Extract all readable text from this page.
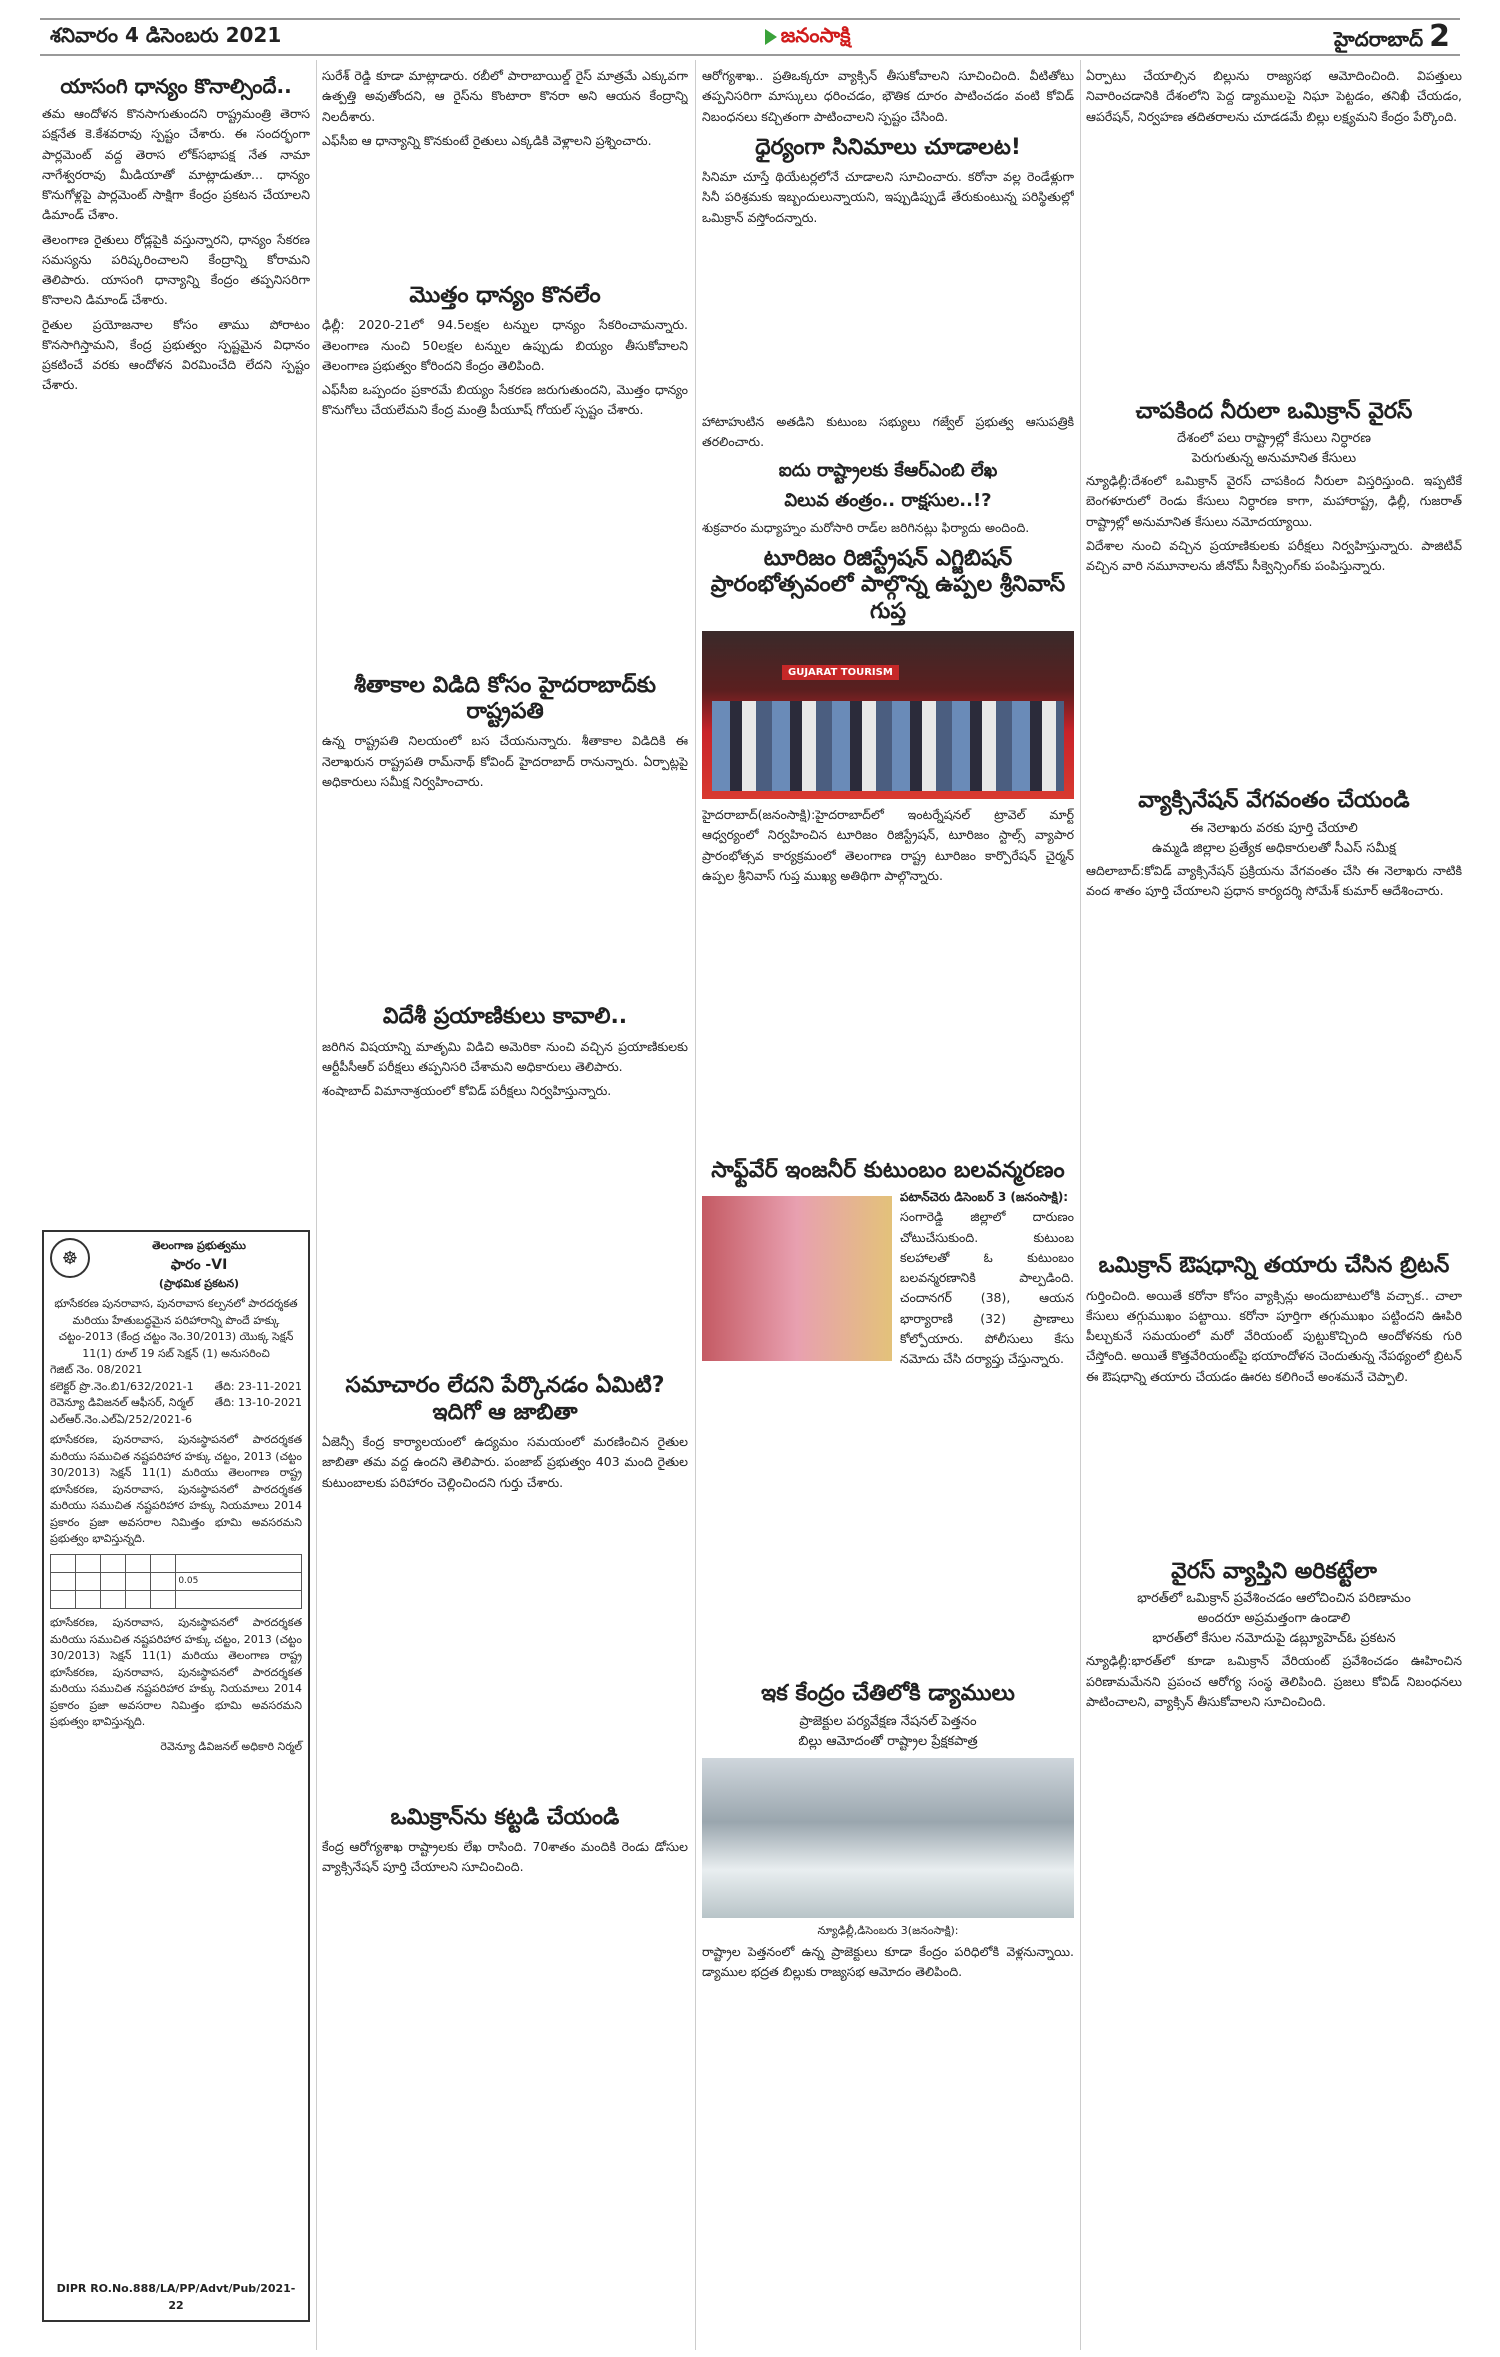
శనివారం 4 డిసెంబరు 2021	జనంసాక్షి	హైదరాబాద్ 2
యాసంగి ధాన్యం కొనాల్సిందే..

తమ ఆందోళన కొనసాగుతుందని రాష్ట్రమంత్రి తెరాస పక్షనేత కె.కేశవరావు స్పష్టం చేశారు. ఈ సందర్భంగా పార్లమెంట్ వద్ద తెరాస లోక్‌సభాపక్ష నేత నామా నాగేశ్వరరావు మీడియాతో మాట్లాడుతూ... ధాన్యం కొనుగోళ్లపై పార్లమెంట్ సాక్షిగా కేంద్రం ప్రకటన చేయాలని డిమాండ్ చేశాం.

తెలంగాణ రైతులు రోడ్లపైకి వస్తున్నారని, ధాన్యం సేకరణ సమస్యను పరిష్కరించాలని కేంద్రాన్ని కోరామని తెలిపారు. యాసంగి ధాన్యాన్ని కేంద్రం తప్పనిసరిగా కొనాలని డిమాండ్ చేశారు.

రైతుల ప్రయోజనాల కోసం తాము పోరాటం కొనసాగిస్తామని, కేంద్ర ప్రభుత్వం స్పష్టమైన విధానం ప్రకటించే వరకు ఆందోళన విరమించేది లేదని స్పష్టం చేశారు.

☸
తెలంగాణ ప్రభుత్వము
ఫారం -VI
(ప్రాథమిక ప్రకటన)
భూసేకరణ పునరావాస, పునరావాస కల్పనలో పారదర్శకత మరియు హేతుబద్ధమైన పరిహారాన్ని పొందే హక్కు చట్టం-2013 (కేంద్ర చట్టం నెం.30/2013) యొక్క సెక్షన్ 11(1) రూల్ 19 సబ్ సెక్షన్ (1) అనుసరించి
గెజిట్ నెం. 08/2021
కలెక్టర్ ప్రొ.నెం.బి1/632/2021-1 తేది: 23-11-2021
రెవెన్యూ డివిజనల్ ఆఫీసర్, నిర్మల్ తేది: 13-10-2021
ఎల్‌ఆర్.నెం.ఎల్‌ఏ/252/2021-6

భూసేకరణ, పునరావాస, పునః‌స్థాపనలో పారదర్శకత మరియు సముచిత నష్టపరిహార హక్కు చట్టం, 2013 (చట్టం 30/2013) సెక్షన్ 11(1) మరియు తెలంగాణ రాష్ట్ర భూసేకరణ, పునరావాస, పునః‌స్థాపనలో పారదర్శకత మరియు సముచిత నష్టపరిహార హక్కు నియమాలు 2014 ప్రకారం ప్రజా అవసరాల నిమిత్తం భూమి అవసరమని ప్రభుత్వం భావిస్తున్నది.

					0.05

భూసేకరణ, పునరావాస, పునః‌స్థాపనలో పారదర్శకత మరియు సముచిత నష్టపరిహార హక్కు చట్టం, 2013 (చట్టం 30/2013) సెక్షన్ 11(1) మరియు తెలంగాణ రాష్ట్ర భూసేకరణ, పునరావాస, పునః‌స్థాపనలో పారదర్శకత మరియు సముచిత నష్టపరిహార హక్కు నియమాలు 2014 ప్రకారం ప్రజా అవసరాల నిమిత్తం భూమి అవసరమని ప్రభుత్వం భావిస్తున్నది.

రెవెన్యూ డివిజనల్ అధికారి నిర్మల్
DIPR RO.No.888/LA/PP/Advt/Pub/2021-22

సురేశ్ రెడ్డి కూడా మాట్లాడారు. రబీలో పారాబాయిల్డ్ రైస్ మాత్రమే ఎక్కువగా ఉత్పత్తి అవుతోందని, ఆ రైస్‌ను కొంటారా కొనరా అని ఆయన కేంద్రాన్ని నిలదీశారు.

ఎఫ్‌సీఐ ఆ ధాన్యాన్ని కొనకుంటే రైతులు ఎక్కడికి వెళ్లాలని ప్రశ్నించారు.

మొత్తం ధాన్యం కొనలేం

ఢిల్లీ: 2020-21లో 94.5లక్షల టన్నుల ధాన్యం సేకరించామన్నారు. తెలంగాణ నుంచి 50లక్షల టన్నుల ఉప్పుడు బియ్యం తీసుకోవాలని తెలంగాణ ప్రభుత్వం కోరిందని కేంద్రం తెలిపింది.

ఎఫ్‌సీఐ ఒప్పందం ప్రకారమే బియ్యం సేకరణ జరుగుతుందని, మొత్తం ధాన్యం కొనుగోలు చేయలేమని కేంద్ర మంత్రి పీయూష్ గోయల్ స్పష్టం చేశారు.

శీతాకాల విడిది కోసం హైదరాబాద్‌కు రాష్ట్రపతి

ఉన్న రాష్ట్రపతి నిలయంలో బస చేయనున్నారు. శీతాకాల విడిదికి ఈ నెలాఖరున రాష్ట్రపతి రామ్‌నాథ్ కోవింద్ హైదరాబాద్ రానున్నారు. ఏర్పాట్లపై అధికారులు సమీక్ష నిర్వహించారు.

విదేశీ ప్రయాణికులు కావాలి..

జరిగిన విషయాన్ని మాతృమి విడిచి అమెరికా నుంచి వచ్చిన ప్రయాణికులకు ఆర్టీపీసీఆర్ పరీక్షలు తప్పనిసరి చేశామని అధికారులు తెలిపారు.

శంషాబాద్ విమానాశ్రయంలో కోవిడ్ పరీక్షలు నిర్వహిస్తున్నారు.

సమాచారం లేదని పేర్కొనడం ఏమిటి? ఇదిగో ఆ జాబితా

ఏజెన్సీ కేంద్ర కార్యాలయంలో ఉద్యమం సమయంలో మరణించిన రైతుల జాబితా తమ వద్ద ఉందని తెలిపారు. పంజాబ్ ప్రభుత్వం 403 మంది రైతుల కుటుంబాలకు పరిహారం చెల్లించిందని గుర్తు చేశారు.

ఒమిక్రాన్‌ను కట్టడి చేయండి

కేంద్ర ఆరోగ్యశాఖ రాష్ట్రాలకు లేఖ రాసింది. 70శాతం మందికి రెండు డోసుల వ్యాక్సినేషన్ పూర్తి చేయాలని సూచించింది.

ఆరోగ్యశాఖ.. ప్రతిఒక్కరూ వ్యాక్సిన్ తీసుకోవాలని సూచించింది. వీటితోటు తప్పనిసరిగా మాస్కులు ధరించడం, భౌతిక దూరం పాటించడం వంటి కోవిడ్ నిబంధనలు కచ్చితంగా పాటించాలని స్పష్టం చేసింది.

ధైర్యంగా సినిమాలు చూడాలట!

సినిమా చూస్తే థియేటర్లలోనే చూడాలని సూచించారు. కరోనా వల్ల రెండేళ్లుగా సినీ పరిశ్రమకు ఇబ్బందులున్నాయని, ఇప్పుడిప్పుడే తేరుకుంటున్న పరిస్థితుల్లో ఒమిక్రాన్ వస్తోందన్నారు.

హాటాహుటిన అతడిని కుటుంబ సభ్యులు గజ్వేల్ ప్రభుత్వ ఆసుపత్రికి తరలించారు.

ఐదు రాష్ట్రాలకు కేఆర్‌ఎంబి లేఖ
విలువ తంత్రం.. రాక్షసుల..!?

శుక్రవారం మధ్యాహ్నం మరోసారి రాడ్‌ల జరిగినట్లు ఫిర్యాదు అందింది.

టూరిజం రిజిస్ట్రేషన్ ఎగ్జిబిషన్ ప్రారంభోత్సవంలో పాల్గొన్న ఉప్పల శ్రీనివాస్ గుప్త
GUJARAT TOURISM

హైదరాబాద్(జనంసాక్షి):హైదరాబాద్‌లో ఇంటర్నేషనల్ ట్రావెల్ మార్ట్ ఆధ్వర్యంలో నిర్వహించిన టూరిజం రిజిస్ట్రేషన్, టూరిజం స్టాల్స్ వ్యాపార ప్రారంభోత్సవ కార్యక్రమంలో తెలంగాణ రాష్ట్ర టూరిజం కార్పొరేషన్ చైర్మన్ ఉప్పల శ్రీనివాస్ గుప్త ముఖ్య అతిథిగా పాల్గొన్నారు.

సాఫ్ట్‌వేర్ ఇంజనీర్ కుటుంబం బలవన్మరణం
పటాన్‌చెరు డిసెంబర్ 3 (జనంసాక్షి):

సంగారెడ్డి జిల్లాలో దారుణం చోటుచేసుకుంది. కుటుంబ కలహాలతో ఓ కుటుంబం బలవన్మరణానికి పాల్పడింది. చందానగర్ (38), ఆయన భార్యారాణి (32) ప్రాణాలు కోల్పోయారు. పోలీసులు కేసు నమోదు చేసి దర్యాప్తు చేస్తున్నారు.

ఇక కేంద్రం చేతిలోకి డ్యాములు
ప్రాజెక్టుల పర్యవేక్షణ నేషనల్ పెత్తనం
బిల్లు ఆమోదంతో రాష్ట్రాల ప్రేక్షకపాత్ర
న్యూఢిల్లీ,డిసెంబరు 3(జనంసాక్షి):

రాష్ట్రాల పెత్తనంలో ఉన్న ప్రాజెక్టులు కూడా కేంద్రం పరిధిలోకి వెళ్లనున్నాయి. డ్యాముల భద్రత బిల్లుకు రాజ్యసభ ఆమోదం తెలిపింది.

ఏర్పాటు చేయాల్సిన బిల్లును రాజ్యసభ ఆమోదించింది. విపత్తులు నివారించడానికి దేశంలోని పెద్ద డ్యాములపై నిఘా పెట్టడం, తనిఖీ చేయడం, ఆపరేషన్, నిర్వహణ తదితరాలను చూడడమే బిల్లు లక్ష్యమని కేంద్రం పేర్కొంది.

చాపకింద నీరులా ఒమిక్రాన్ వైరస్
దేశంలో పలు రాష్ట్రాల్లో కేసులు నిర్ధారణ
పెరుగుతున్న అనుమానిత కేసులు

న్యూఢిల్లీ:దేశంలో ఒమిక్రాన్ వైరస్ చాపకింద నీరులా విస్తరిస్తుంది. ఇప్పటికే బెంగళూరులో రెండు కేసులు నిర్ధారణ కాగా, మహారాష్ట్ర, ఢిల్లీ, గుజరాత్ రాష్ట్రాల్లో అనుమానిత కేసులు నమోదయ్యాయి.

విదేశాల నుంచి వచ్చిన ప్రయాణికులకు పరీక్షలు నిర్వహిస్తున్నారు. పాజిటివ్ వచ్చిన వారి నమూనాలను జీనోమ్ సీక్వెన్సింగ్‌కు పంపిస్తున్నారు.

వ్యాక్సినేషన్ వేగవంతం చేయండి
ఈ నెలాఖరు వరకు పూర్తి చేయాలి
ఉమ్మడి జిల్లాల ప్రత్యేక అధికారులతో సీఎస్ సమీక్ష

ఆదిలాబాద్‌:కోవిడ్ వ్యాక్సినేషన్ ప్రక్రియను వేగవంతం చేసి ఈ నెలాఖరు నాటికి వంద శాతం పూర్తి చేయాలని ప్రధాన కార్యదర్శి సోమేశ్ కుమార్ ఆదేశించారు.

ఒమిక్రాన్ ఔషధాన్ని తయారు చేసిన బ్రిటన్

గుర్తించింది. అయితే కరోనా కోసం వ్యాక్సిన్లు అందుబాటులోకి వచ్చాక.. చాలా కేసులు తగ్గుముఖం పట్టాయి. కరోనా పూర్తిగా తగ్గుముఖం పట్టిందని ఊపిరి పీల్చుకునే సమయంలో మరో వేరియంట్ పుట్టుకొచ్చింది ఆందోళనకు గురి చేస్తోంది. అయితే కొత్తవేరియంట్‌పై భయాందోళన చెందుతున్న నేపథ్యంలో బ్రిటన్ ఈ ఔషధాన్ని తయారు చేయడం ఊరట కలిగించే అంశమనే చెప్పాలి.

వైరస్ వ్యాప్తిని అరికట్టేలా
భారత్‌లో ఒమిక్రాన్ ప్రవేశించడం ఆలోచించిన పరిణామం
అందరూ అప్రమత్తంగా ఉండాలి
భారత్‌లో కేసుల నమోదుపై డబ్ల్యూహెచ్‌ఓ ప్రకటన

న్యూఢిల్లీ:భారత్‌లో కూడా ఒమిక్రాన్ వేరియంట్ ప్రవేశించడం ఊహించిన పరిణామమేనని ప్రపంచ ఆరోగ్య సంస్థ తెలిపింది. ప్రజలు కోవిడ్ నిబంధనలు పాటించాలని, వ్యాక్సిన్ తీసుకోవాలని సూచించింది.
